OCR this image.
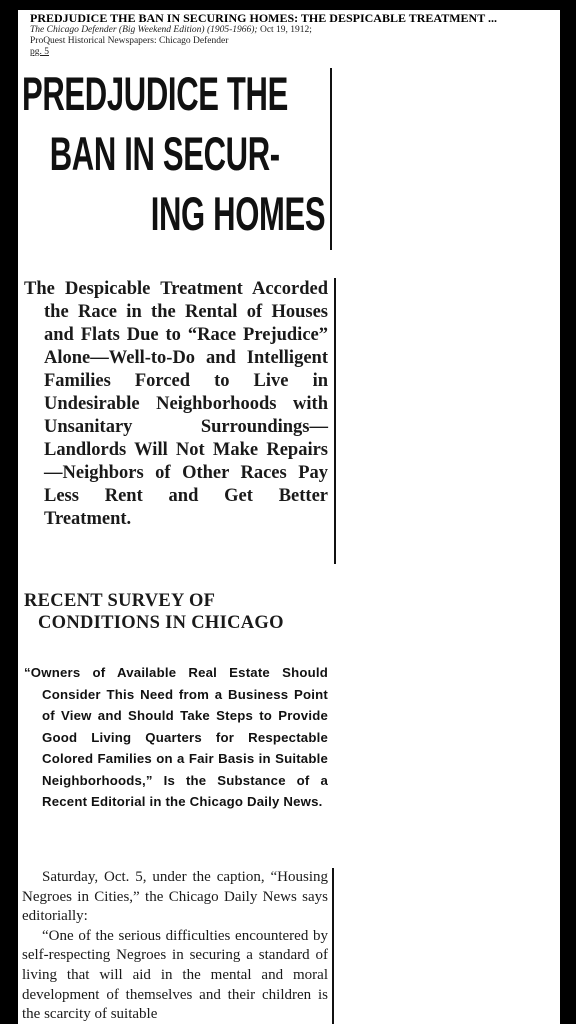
PREDJUDICE THE BAN IN SECURING HOMES: THE DESPICABLE TREATMENT ...
The Chicago Defender (Big Weekend Edition) (1905-1966); Oct 19, 1912;
ProQuest Historical Newspapers: Chicago Defender
pg. 5
PREDJUDICE THE
BAN IN SECUR-
ING HOMES

The Despicable Treatment Accorded the Race in the Rental of Houses and Flats Due to “Race Prejudice” Alone—Well-to-Do and Intelligent Families Forced to Live in Undesirable Neighborhoods with Unsanitary Surroundings—Landlords Will Not Make Repairs—Neighbors of Other Races Pay Less Rent and Get Better Treatment.

RECENT SURVEY OF
CONDITIONS IN CHICAGO

“Owners of Available Real Estate Should Consider This Need from a Business Point of View and Should Take Steps to Provide Good Living Quarters for Respectable Colored Families on a Fair Basis in Suitable Neighborhoods,” Is the Substance of a Recent Editorial in the Chicago Daily News.

Saturday, Oct. 5, under the caption, “Housing Negroes in Cities,” the Chicago Daily News says editorially:

“One of the serious difficulties encountered by self-respecting Negroes in securing a standard of living that will aid in the mental and moral development of themselves and their children is the scarcity of suitable
